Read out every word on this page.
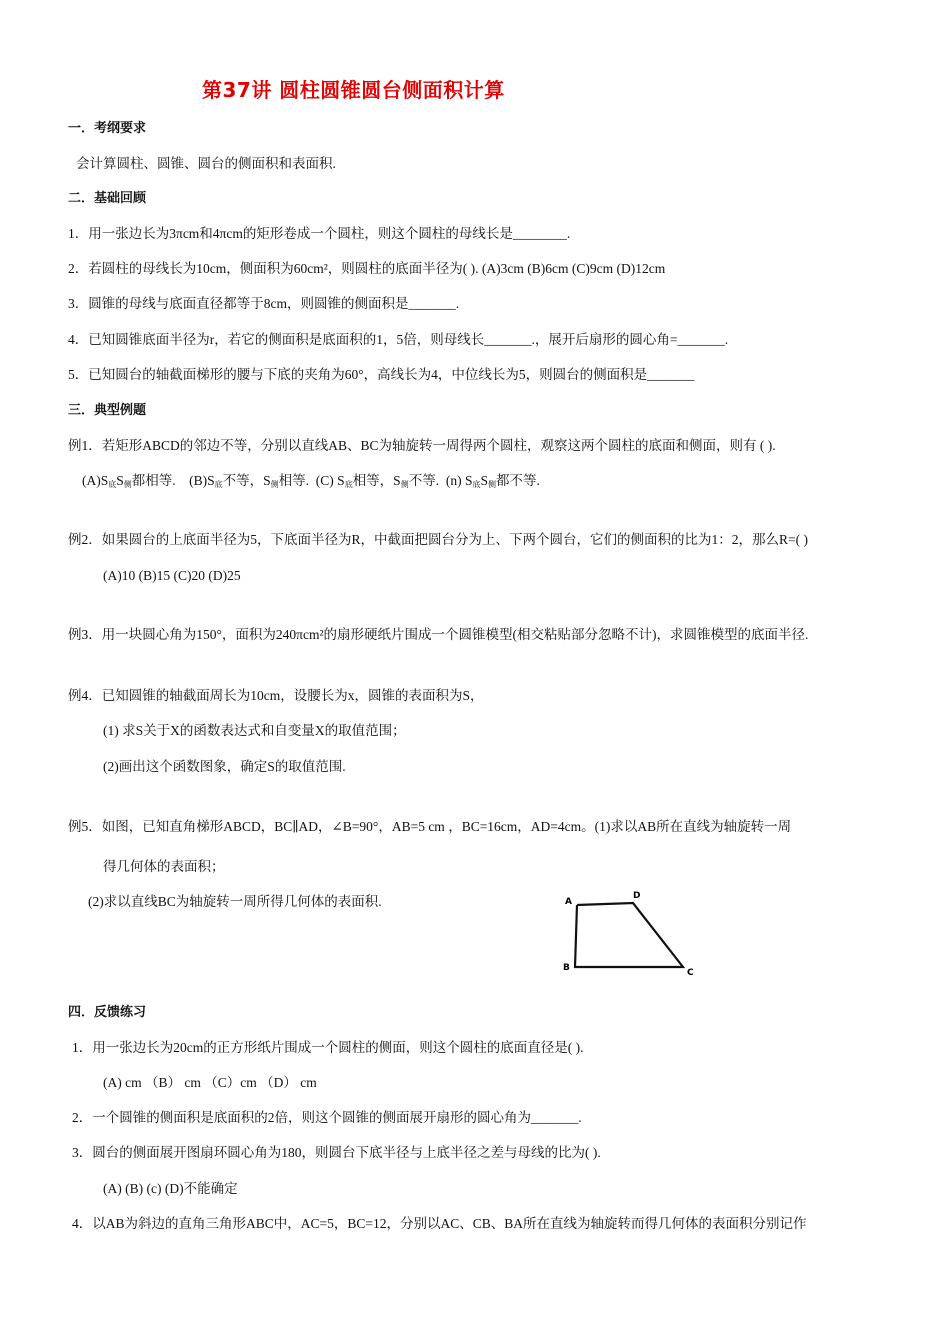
第37讲 圆柱圆锥圆台侧面积计算
一．考纲要求
会计算圆柱、圆锥、圆台的侧面积和表面积.
二．基础回顾
1．用一张边长为3πcm和4πcm的矩形卷成一个圆柱，则这个圆柱的母线长是________.
2．若圆柱的母线长为10cm，侧面积为60cm²，则圆柱的底面半径为( ). (A)3cm (B)6cm (C)9cm (D)12cm
3．圆锥的母线与底面直径都等于8cm，则圆锥的侧面积是_______.
4．已知圆锥底面半径为r，若它的侧面积是底面积的1，5倍，则母线长_______.，展开后扇形的圆心角=_______.
5．已知圆台的轴截面梯形的腰与下底的夹角为60°，高线长为4，中位线长为5，则圆台的侧面积是_______
三．典型例题
例1．若矩形ABCD的邻边不等，分别以直线AB、BC为轴旋转一周得两个圆柱，观察这两个圆柱的底面和侧面，则有 ( ).
$(A)S_底S_侧$都相等. $(B)S_底$不等，$S_侧$相等. (C) $S_底$相等，$S_侧$不等. (n) $S_底S_侧$都不等.
例2．如果圆台的上底面半径为5，下底面半径为R，中截面把圆台分为上、下两个圆台，它们的侧面积的比为1：2，那么R=( )
(A)10 (B)15 (C)20 (D)25
例3．用一块圆心角为150°，面积为240πcm²的扇形硬纸片围成一个圆锥模型(相交粘贴部分忽略不计)，求圆锥模型的底面半径.
例4．已知圆锥的轴截面周长为10cm，设腰长为x，圆锥的表面积为S，
(1) 求S关于X的函数表达式和自变量X的取值范围；
(2)画出这个函数图象，确定S的取值范围.
例5．如图，已知直角梯形ABCD，BC∥AD，∠B=90°，AB=5 cm ，BC=16cm，AD=4cm。(1)求以AB所在直线为轴旋转一周
得几何体的表面积；
(2)求以直线BC为轴旋转一周所得几何体的表面积.	A
B	C
D
四．反馈练习
1．用一张边长为20cm的正方形纸片围成一个圆柱的侧面，则这个圆柱的底面直径是( ).
(A) cm （B） cm （C）cm （D） cm
2．一个圆锥的侧面积是底面积的2倍，则这个圆锥的侧面展开扇形的圆心角为_______.
3．圆台的侧面展开图扇环圆心角为180，则圆台下底半径与上底半径之差与母线的比为( ).
(A) (B) (c) (D)不能确定
4．以AB为斜边的直角三角形ABC中，AC=5，BC=12，分别以AC、CB、BA所在直线为轴旋转而得几何体的表面积分别记作
